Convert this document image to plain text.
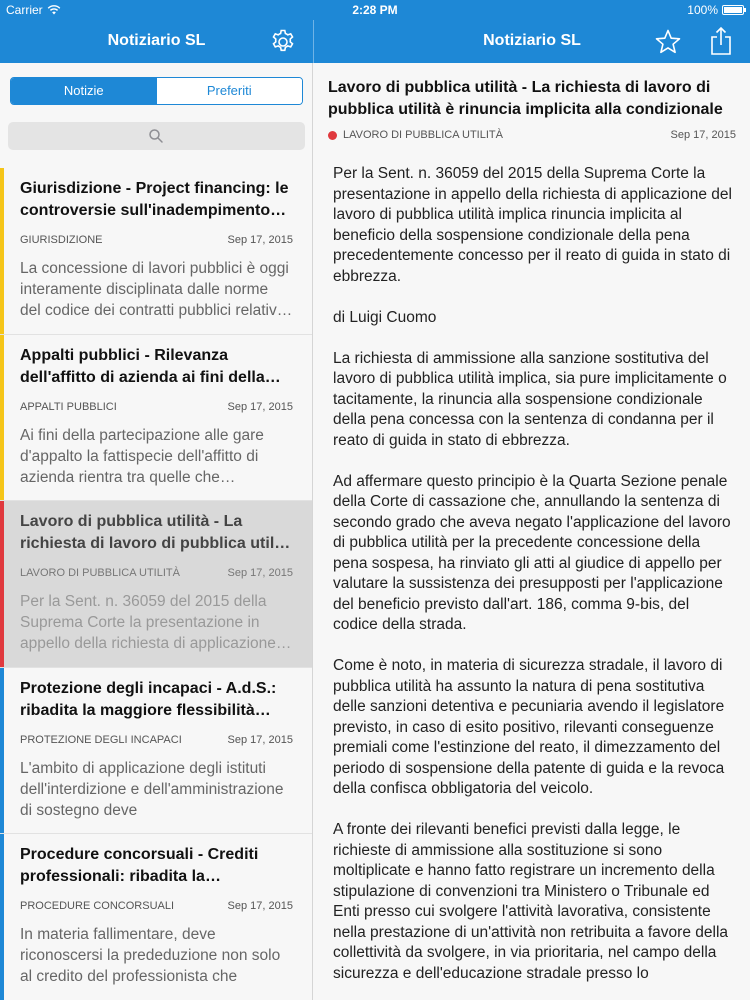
Carrier	2:28 PM	100%
Notiziario SL	Notiziario SL
Notizie	Preferiti
Giurisdizione - Project financing: le controversie sull'inadempimento
GIURISDIZIONE	Sep 17, 2015
La concessione di lavori pubblici è oggi interamente disciplinata dalle norme del codice dei contratti pubblici relativi
Appalti pubblici - Rilevanza dell'affitto di azienda ai fini della
APPALTI PUBBLICI	Sep 17, 2015
Ai fini della partecipazione alle gare d'appalto la fattispecie dell'affitto di azienda rientra tra quelle che
Lavoro di pubblica utilità - La richiesta di lavoro di pubblica utilità
LAVORO DI PUBBLICA UTILITÀ	Sep 17, 2015
Per la Sent. n. 36059 del 2015 della Suprema Corte la presentazione in appello della richiesta di applicazione
Protezione degli incapaci - A.d.S.: ribadita la maggiore flessibilità
PROTEZIONE DEGLI INCAPACI	Sep 17, 2015
L'ambito di applicazione degli istituti dell'interdizione e dell'amministrazione di sostegno deve
Procedure concorsuali - Crediti professionali: ribadita la
PROCEDURE CONCORSUALI	Sep 17, 2015
In materia fallimentare, deve riconoscersi la prededuzione non solo al credito del professionista che
Lavoro di pubblica utilità - La richiesta di lavoro di pubblica utilità è rinuncia implicita alla condizionale
LAVORO DI PUBBLICA UTILITÀ	Sep 17, 2015

Per la Sent. n. 36059 del 2015 della Suprema Corte la presentazione in appello della richiesta di applicazione del lavoro di pubblica utilità implica rinuncia implicita al beneficio della sospensione condizionale della pena precedentemente concesso per il reato di guida in stato di ebbrezza.

di Luigi Cuomo

La richiesta di ammissione alla sanzione sostitutiva del lavoro di pubblica utilità implica, sia pure implicitamente o tacitamente, la rinuncia alla sospensione condizionale della pena concessa con la sentenza di condanna per il reato di guida in stato di ebbrezza.

Ad affermare questo principio è la Quarta Sezione penale della Corte di cassazione che, annullando la sentenza di secondo grado che aveva negato l'applicazione del lavoro di pubblica utilità per la precedente concessione della pena sospesa, ha rinviato gli atti al giudice di appello per valutare la sussistenza dei presupposti per l'applicazione del beneficio previsto dall'art. 186, comma 9-bis, del codice della strada.

Come è noto, in materia di sicurezza stradale, il lavoro di pubblica utilità ha assunto la natura di pena sostitutiva delle sanzioni detentiva e pecuniaria avendo il legislatore previsto, in caso di esito positivo, rilevanti conseguenze premiali come l'estinzione del reato, il dimezzamento del periodo di sospensione della patente di guida e la revoca della confisca obbligatoria del veicolo.

A fronte dei rilevanti benefici previsti dalla legge, le richieste di ammissione alla sostituzione si sono moltiplicate e hanno fatto registrare un incremento della stipulazione di convenzioni tra Ministero o Tribunale ed Enti presso cui svolgere l'attività lavorativa, consistente nella prestazione di un'attività non retribuita a favore della collettività da svolgere, in via prioritaria, nel campo della sicurezza e dell'educazione stradale presso lo
